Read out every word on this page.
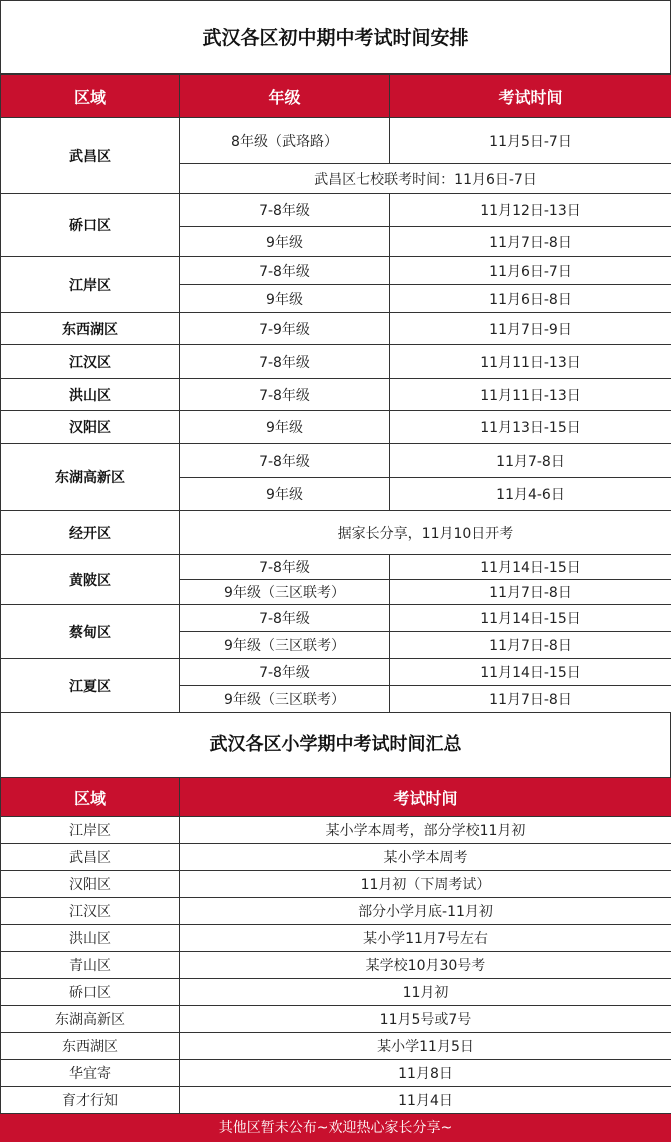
武汉各区初中期中考试时间安排
区域	年级	考试时间
武昌区	8年级（武珞路）	11月5日-7日
	武昌区七校联考时间：11月6日-7日	
硚口区	7-8年级	11月12日-13日
	9年级	11月7日-8日
江岸区	7-8年级	11月6日-7日
	9年级	11月6日-8日
东西湖区	7-9年级	11月7日-9日
江汉区	7-8年级	11月11日-13日
洪山区	7-8年级	11月11日-13日
汉阳区	9年级	11月13日-15日
东湖高新区	7-8年级	11月7-8日
	9年级	11月4-6日
经开区	据家长分享，11月10日开考	
黄陂区	7-8年级	11月14日-15日
	9年级（三区联考）	11月7日-8日
蔡甸区	7-8年级	11月14日-15日
	9年级（三区联考）	11月7日-8日
江夏区	7-8年级	11月14日-15日
	9年级（三区联考）	11月7日-8日
武汉各区小学期中考试时间汇总
区域	考试时间
江岸区	某小学本周考，部分学校11月初
武昌区	某小学本周考
汉阳区	11月初（下周考试）
江汉区	部分小学月底-11月初
洪山区	某小学11月7号左右
青山区	某学校10月30号考
硚口区	11月初
东湖高新区	11月5号或7号
东西湖区	某小学11月5日
华宜寄	11月8日
育才行知	11月4日
其他区暂未公布~欢迎热心家长分享~
